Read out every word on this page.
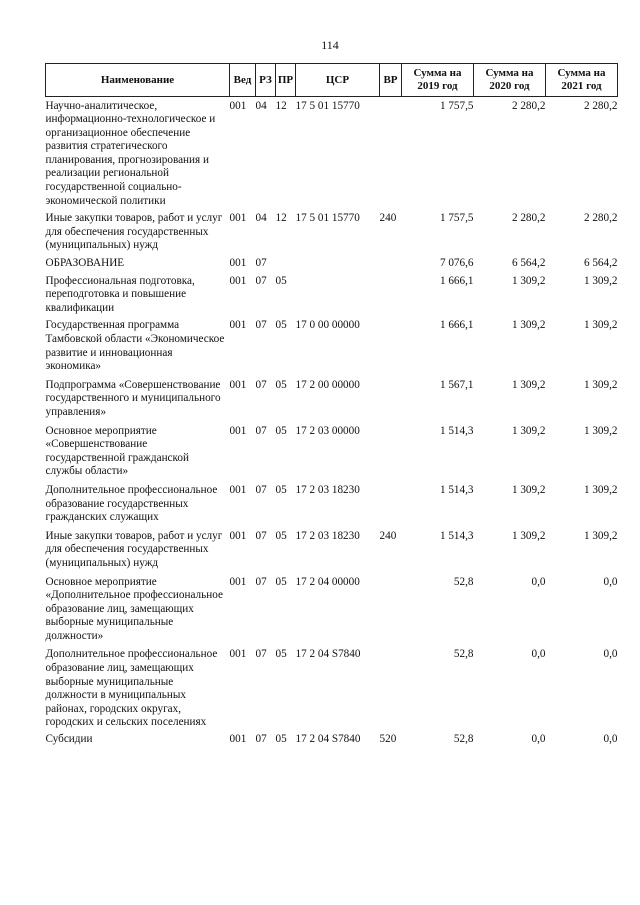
114
Наименование	Вед	РЗ	ПР	ЦСР	ВР	Сумма на 2019 год	Сумма на 2020 год	Сумма на 2021 год

Научно-аналитическое, информационно-технологическое и организационное обеспечение развития стратегического планирования, прогнозирования и реализации региональной государственной социально-экономической политики	001	04	12	17 5 01 15770		1 757,5	2 280,2	2 280,2
Иные закупки товаров, работ и услуг для обеспечения государственных (муниципальных) нужд	001	04	12	17 5 01 15770	240	1 757,5	2 280,2	2 280,2
ОБРАЗОВАНИЕ	001	07				7 076,6	6 564,2	6 564,2
Профессиональная подготовка, переподготовка и повышение квалификации	001	07	05			1 666,1	1 309,2	1 309,2
Государственная программа Тамбовской области «Экономическое развитие и инновационная экономика»	001	07	05	17 0 00 00000		1 666,1	1 309,2	1 309,2
Подпрограмма «Совершенствование государственного и муниципального управления»	001	07	05	17 2 00 00000		1 567,1	1 309,2	1 309,2
Основное мероприятие «Совершенствование государственной гражданской службы области»	001	07	05	17 2 03 00000		1 514,3	1 309,2	1 309,2
Дополнительное профессиональное образование государственных гражданских служащих	001	07	05	17 2 03 18230		1 514,3	1 309,2	1 309,2
Иные закупки товаров, работ и услуг для обеспечения государственных (муниципальных) нужд	001	07	05	17 2 03 18230	240	1 514,3	1 309,2	1 309,2
Основное мероприятие «Дополнительное профессиональное образование лиц, замещающих выборные муниципальные должности»	001	07	05	17 2 04 00000		52,8	0,0	0,0
Дополнительное профессиональное образование лиц, замещающих выборные муниципальные должности в муниципальных районах, городских округах, городских и сельских поселениях	001	07	05	17 2 04 S7840		52,8	0,0	0,0
Субсидии	001	07	05	17 2 04 S7840	520	52,8	0,0	0,0
